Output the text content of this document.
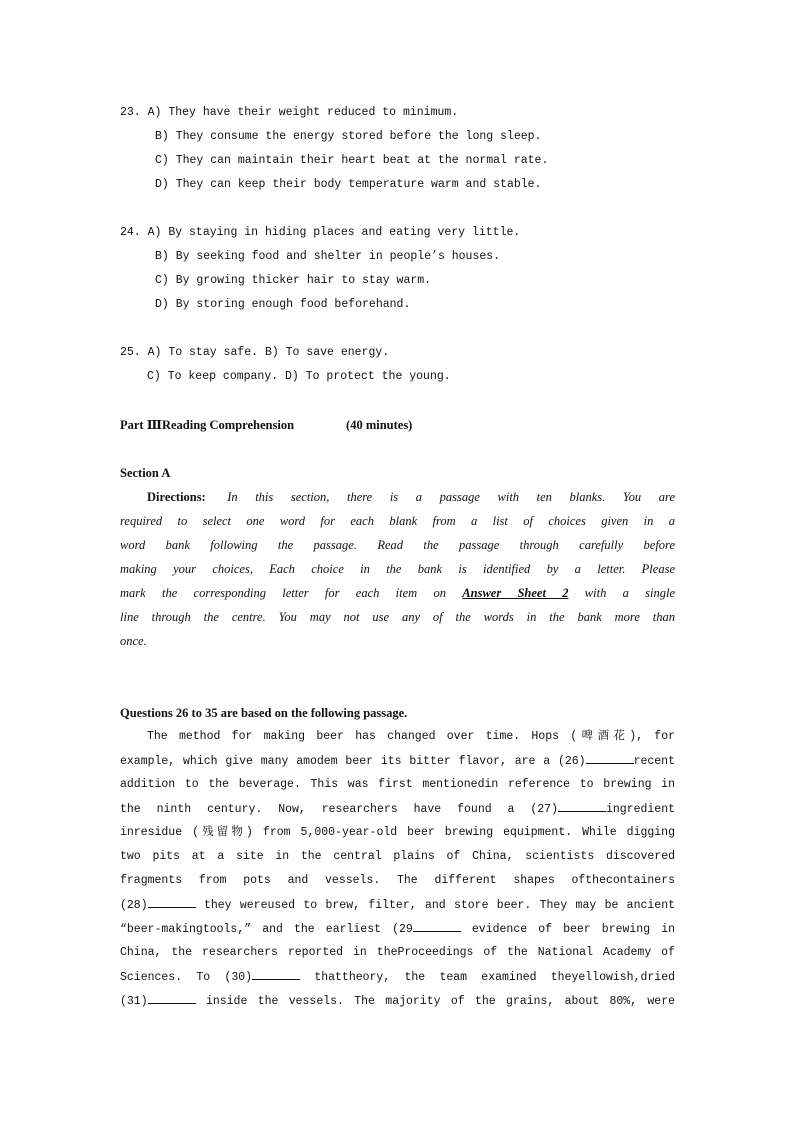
23. A) They have their weight reduced to minimum.
B) They consume the energy stored before the long sleep.
C) They can maintain their heart beat at the normal rate.
D) They can keep their body temperature warm and stable.
24. A) By staying in hiding places and eating very little.
B) By seeking food and shelter in people’s houses.
C) By growing thicker hair to stay warm.
D) By storing enough food beforehand.
25. A) To stay safe. B) To save energy.
C) To keep company. D) To protect the young.
Part ⅢReading Comprehension	(40 minutes)
Section A
Directions: In this section, there is a passage with ten blanks. You are
required to select one word for each blank from a list of choices given in a
word bank following the passage. Read the passage through carefully before
making your choices, Each choice in the bank is identified by a letter. Please
mark the corresponding letter for each item on Answer Sheet 2 with a single
line through the centre. You may not use any of the words in the bank more than
once.
Questions 26 to 35 are based on the following passage.
The method for making beer has changed over time. Hops (啤酒花), for
example, which give many amodem beer its bitter flavor, are a (26)	recent
addition to the beverage. This was first mentionedin reference to brewing in
the ninth century. Now, researchers have found a (27)	ingredient
inresidue (残留物) from 5,000-year-old beer brewing equipment. While digging
two pits at a site in the central plains of China, scientists discovered
fragments from pots and vessels. The different shapes ofthecontainers
(28)	they wereused to brew, filter, and store beer. They may be ancient
“beer-makingtools,” and the earliest (29	evidence of beer brewing in
China, the researchers reported in theProceedings of the National Academy of
Sciences. To (30)	thattheory, the team examined theyellowish,dried
(31)	inside the vessels. The majority of the grains, about 80%, were
